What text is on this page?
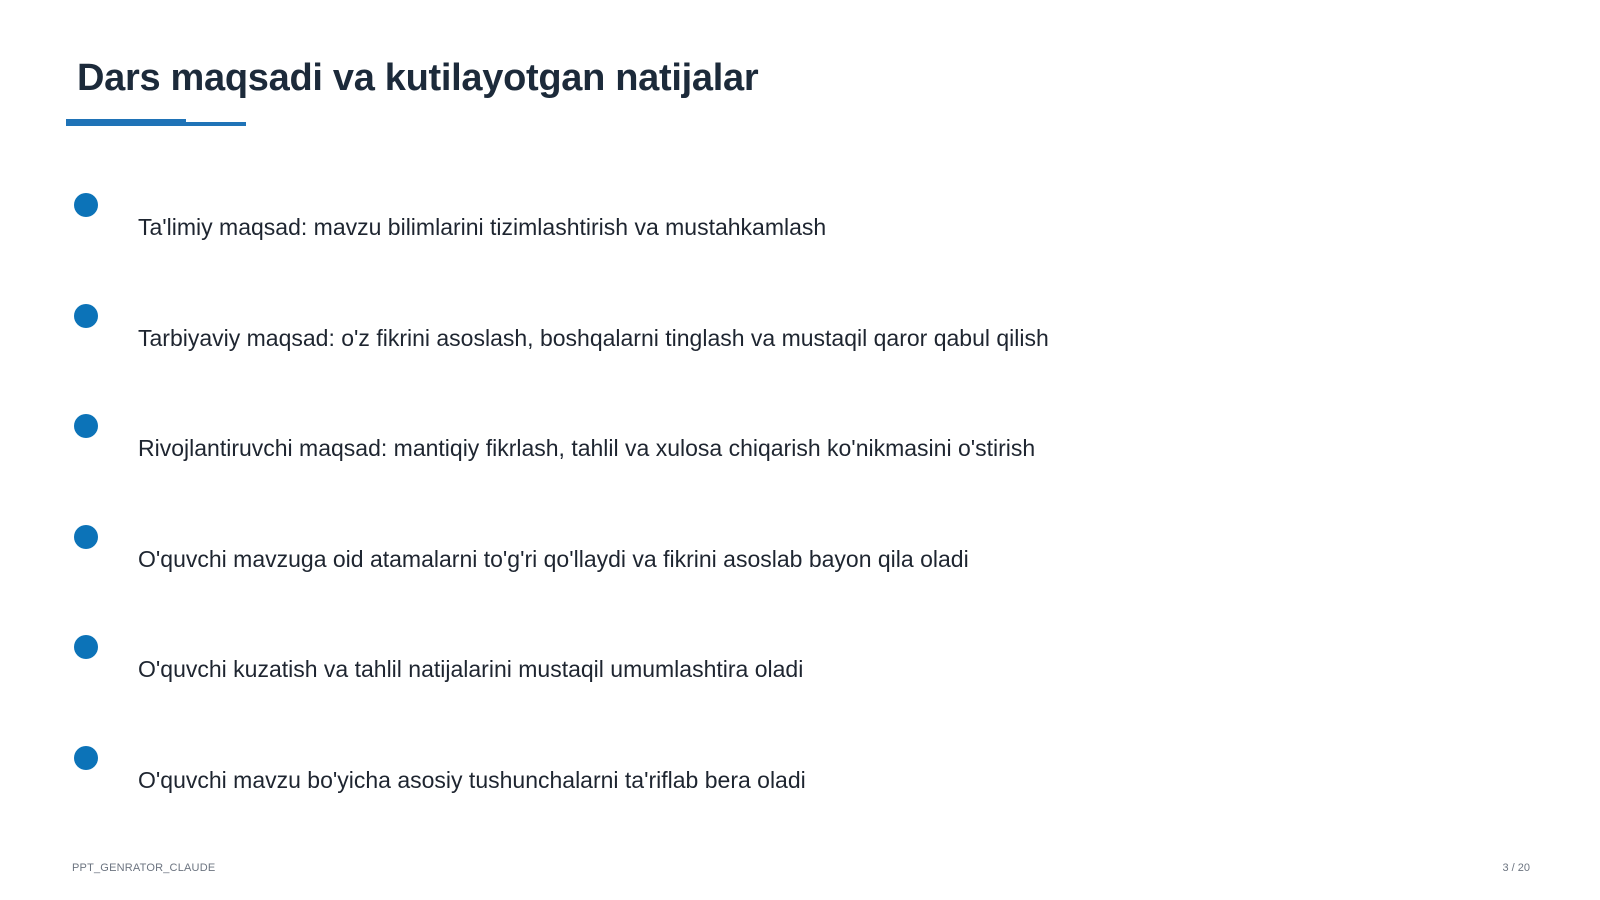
Dars maqsadi va kutilayotgan natijalar
Ta'limiy maqsad: mavzu bilimlarini tizimlashtirish va mustahkamlash
Tarbiyaviy maqsad: o'z fikrini asoslash, boshqalarni tinglash va mustaqil qaror qabul qilish
Rivojlantiruvchi maqsad: mantiqiy fikrlash, tahlil va xulosa chiqarish ko'nikmasini o'stirish
O'quvchi mavzuga oid atamalarni to'g'ri qo'llaydi va fikrini asoslab bayon qila oladi
O'quvchi kuzatish va tahlil natijalarini mustaqil umumlashtira oladi
O'quvchi mavzu bo'yicha asosiy tushunchalarni ta'riflab bera oladi
PPT_GENRATOR_CLAUDE	3 / 20
